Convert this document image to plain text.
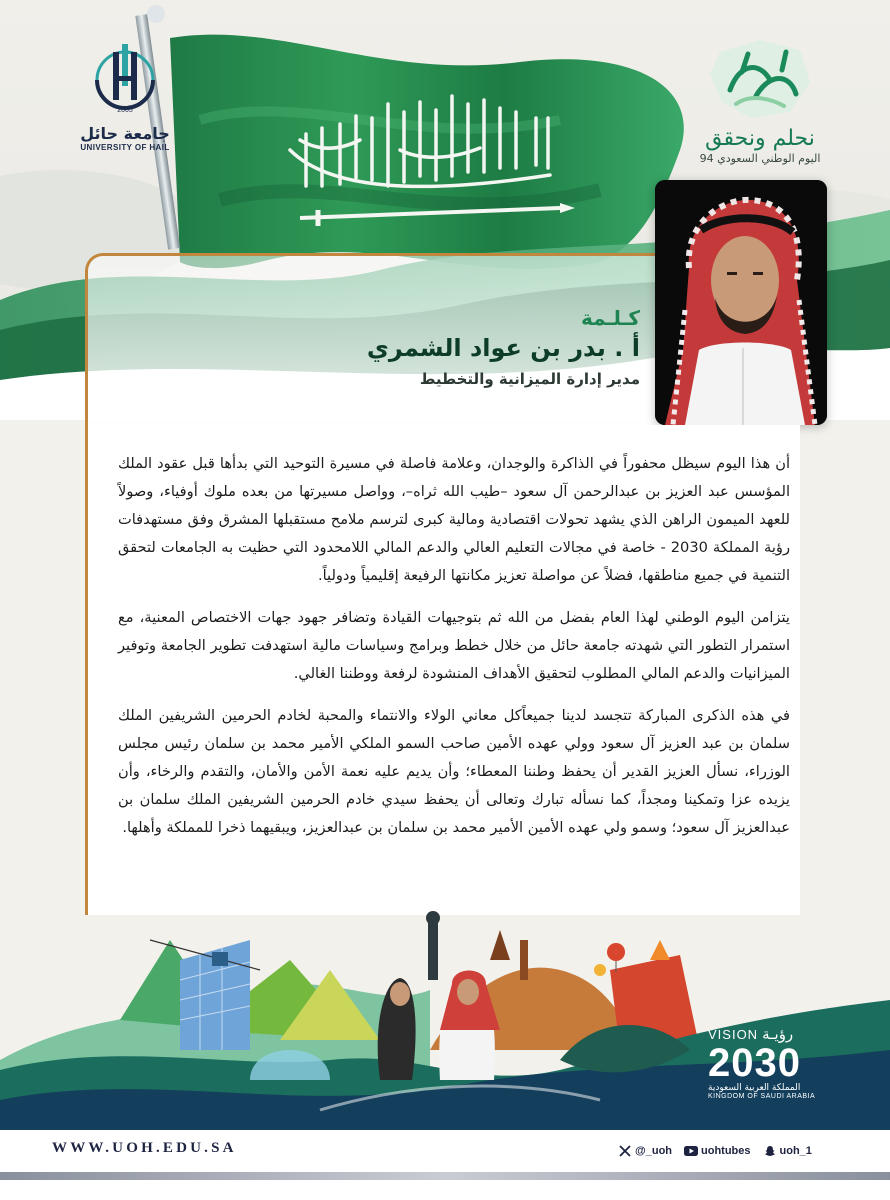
2005
جامعة حائل
UNIVERSITY OF HAIL	نحلم ونحقق
اليوم الوطني السعودي 94
كـلـمة
أ . بدر بن عواد الشمري
مدير إدارة الميزانية والتخطيط

أن هذا اليوم سيظل محفوراً في الذاكرة والوجدان، وعلامة فاصلة في مسيرة التوحيد التي بدأها قبل عقود الملك المؤسس عبد العزيز بن عبدالرحمن آل سعود –طيب الله ثراه–، وواصل مسيرتها من بعده ملوك أوفياء، وصولاً للعهد الميمون الراهن الذي يشهد تحولات اقتصادية ومالية كبرى لترسم ملامح مستقبلها المشرق وفق مستهدفات رؤية المملكة 2030 - خاصة في مجالات التعليم العالي والدعم المالي اللامحدود التي حظيت به الجامعات لتحقق التنمية في جميع مناطقها، فضلاً عن مواصلة تعزيز مكانتها الرفيعة إقليمياً ودولياً.

يتزامن اليوم الوطني لهذا العام بفضل من الله ثم بتوجيهات القيادة وتضافر جهود جهات الاختصاص المعنية، مع استمرار التطور التي شهدته جامعة حائل من خلال خطط وبرامج وسياسات مالية استهدفت تطوير الجامعة وتوفير الميزانيات والدعم المالي المطلوب لتحقيق الأهداف المنشودة لرفعة ووطننا الغالي.

في هذه الذكرى المباركة تتجسد لدينا جميعاًكل معاني الولاء والانتماء والمحبة لخادم الحرمين الشريفين الملك سلمان بن عبد العزيز آل سعود وولي عهده الأمين صاحب السمو الملكي الأمير محمد بن سلمان رئيس مجلس الوزراء، نسأل العزيز القدير أن يحفظ وطننا المعطاء؛ وأن يديم عليه نعمة الأمن والأمان، والتقدم والرخاء، وأن يزيده عزا وتمكينا ومجداً، كما نسأله تبارك وتعالى أن يحفظ سيدي خادم الحرمين الشريفين الملك سلمان بن عبدالعزيز آل سعود؛ وسمو ولي عهده الأمين الأمير محمد بن سلمان بن عبدالعزيز، ويبقيهما ذخرا للمملكة وأهلها.

VISION رؤيـة
2030
المملكة العربية السعودية
KINGDOM OF SAUDI ARABIA
WWW.UOH.EDU.SA	@_uoh	uohtubes	uoh_1
